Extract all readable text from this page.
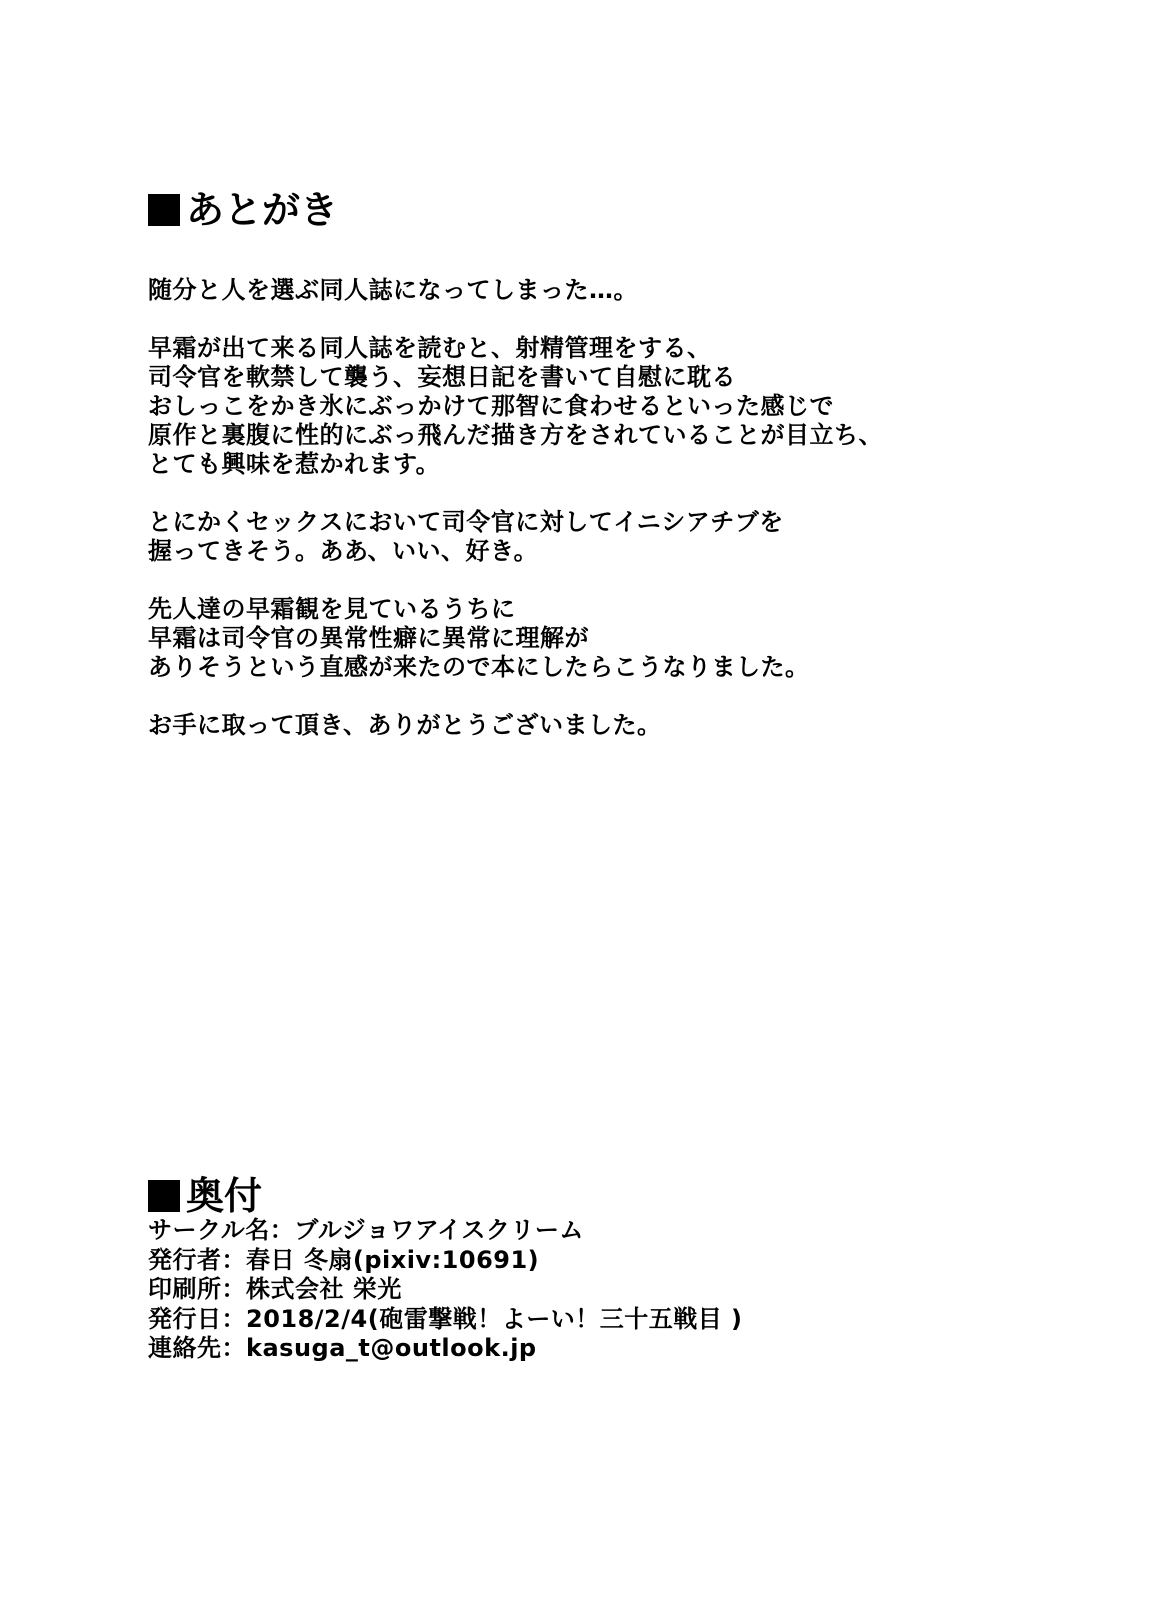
あとがき
随分と人を選ぶ同人誌になってしまった…。
早霜が出て来る同人誌を読むと、射精管理をする、
司令官を軟禁して襲う、妄想日記を書いて自慰に耽る
おしっこをかき氷にぶっかけて那智に食わせるといった感じで
原作と裏腹に性的にぶっ飛んだ描き方をされていることが目立ち、
とても興味を惹かれます。
とにかくセックスにおいて司令官に対してイニシアチブを
握ってきそう。ああ、いい、好き。
先人達の早霜観を見ているうちに
早霜は司令官の異常性癖に異常に理解が
ありそうという直感が来たので本にしたらこうなりました。
お手に取って頂き、ありがとうございました。
奥付
サークル名：ブルジョワアイスクリーム
発行者：春日 冬扇(pixiv:10691)
印刷所：株式会社 栄光
発行日：2018/2/4(砲雷撃戦！よーい！三十五戦目 )
連絡先：kasuga_t@outlook.jp
